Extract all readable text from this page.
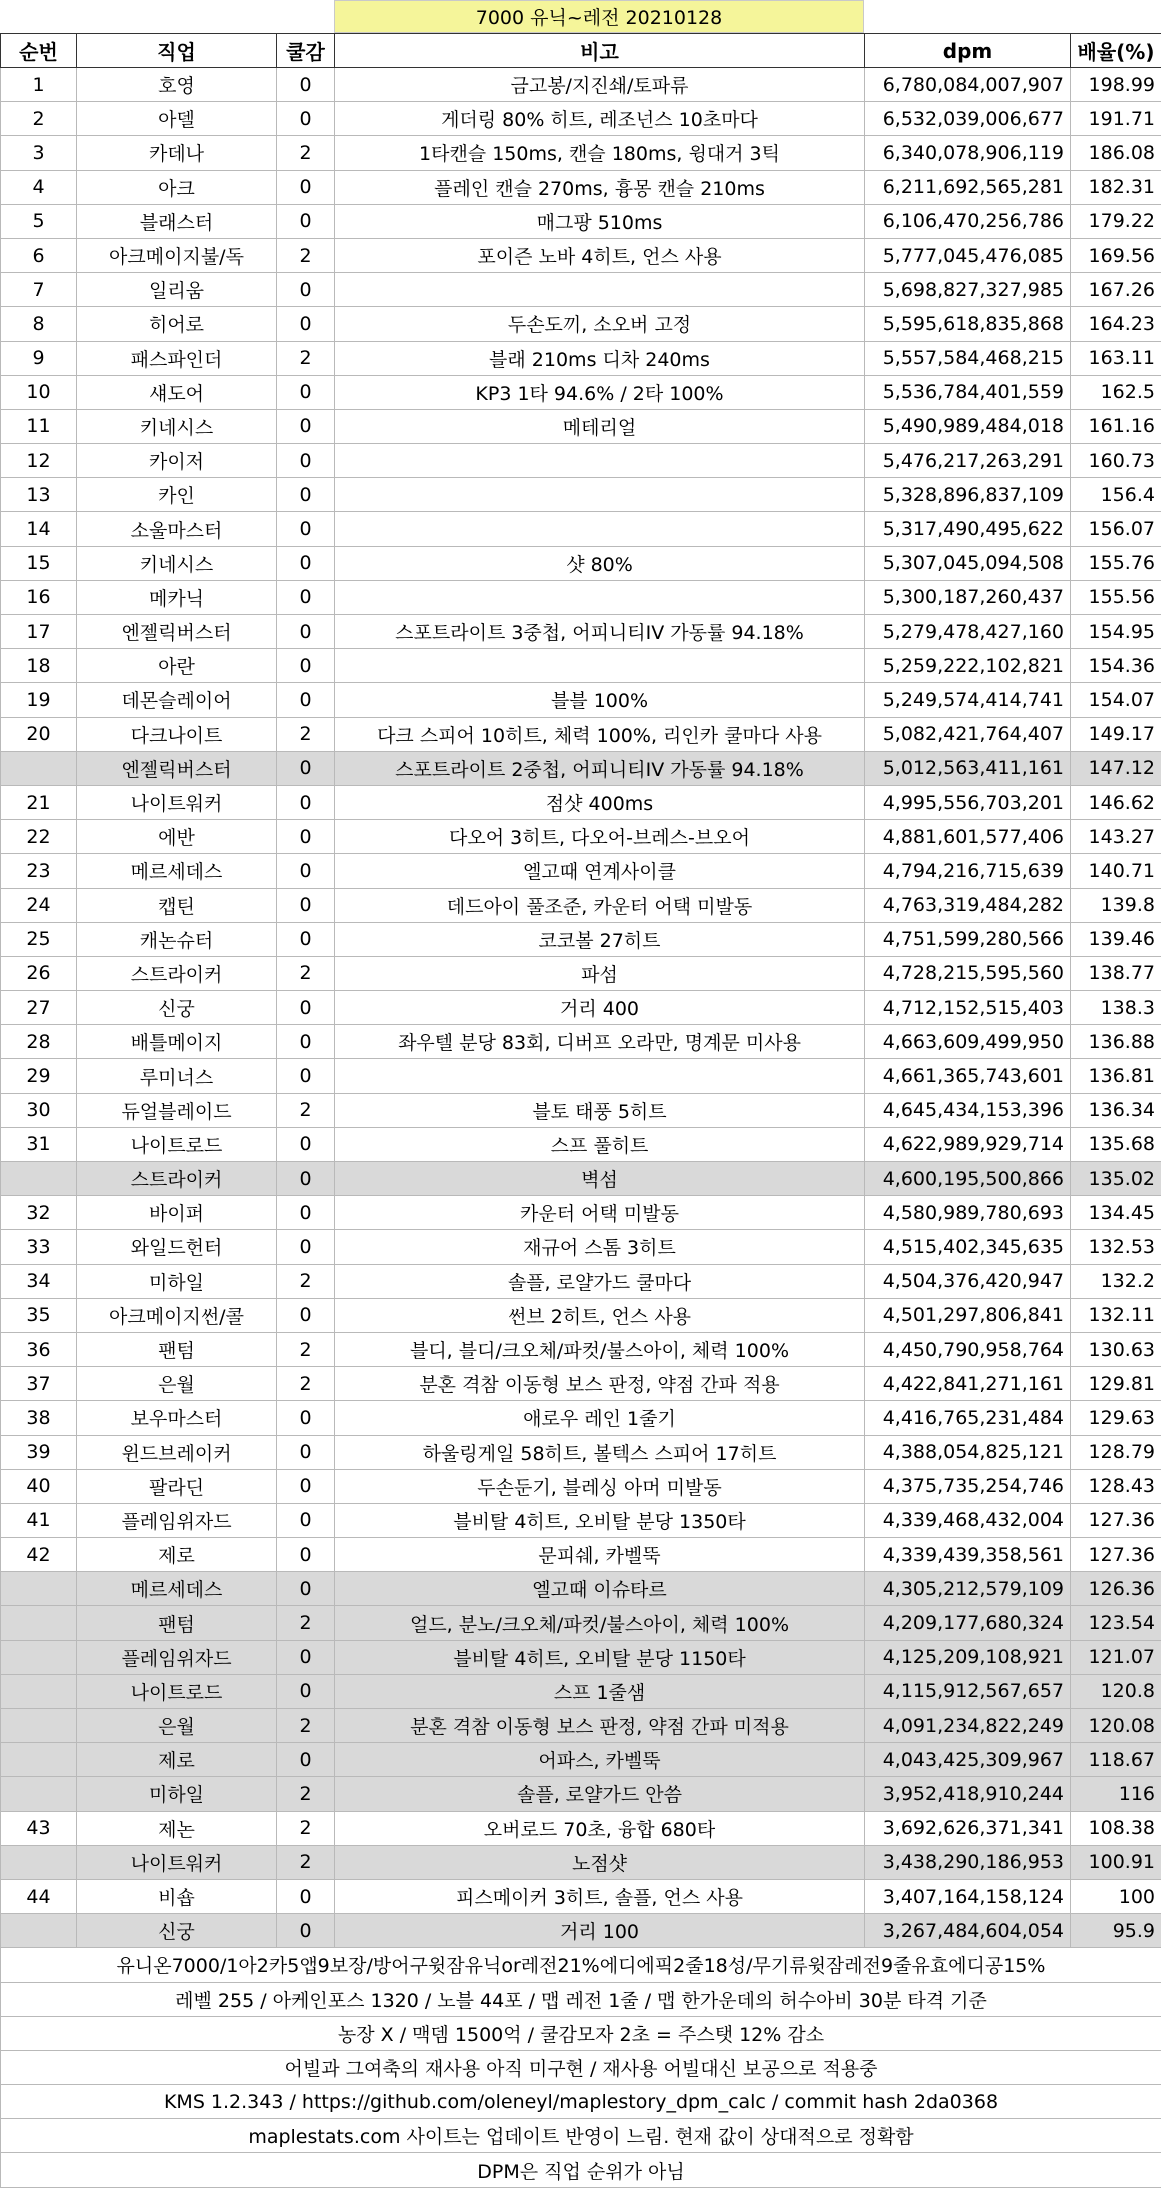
7000 유닉~레전 20210128
순번	직업	쿨감	비고	dpm	배율(%)
1	호영	0	금고봉/지진쇄/토파류	6,780,084,007,907	198.99
2	아델	0	게더링 80% 히트, 레조넌스 10초마다	6,532,039,006,677	191.71
3	카데나	2	1타캔슬 150ms, 캔슬 180ms, 윙대거 3틱	6,340,078,906,119	186.08
4	아크	0	플레인 캔슬 270ms, 흉몽 캔슬 210ms	6,211,692,565,281	182.31
5	블래스터	0	매그팡 510ms	6,106,470,256,786	179.22
6	아크메이지불/독	2	포이즌 노바 4히트, 언스 사용	5,777,045,476,085	169.56
7	일리움	0		5,698,827,327,985	167.26
8	히어로	0	두손도끼, 소오버 고정	5,595,618,835,868	164.23
9	패스파인더	2	블래 210ms 디차 240ms	5,557,584,468,215	163.11
10	섀도어	0	KP3 1타 94.6% / 2타 100%	5,536,784,401,559	162.5
11	키네시스	0	메테리얼	5,490,989,484,018	161.16
12	카이저	0		5,476,217,263,291	160.73
13	카인	0		5,328,896,837,109	156.4
14	소울마스터	0		5,317,490,495,622	156.07
15	키네시스	0	샷 80%	5,307,045,094,508	155.76
16	메카닉	0		5,300,187,260,437	155.56
17	엔젤릭버스터	0	스포트라이트 3중첩, 어피니티IV 가동률 94.18%	5,279,478,427,160	154.95
18	아란	0		5,259,222,102,821	154.36
19	데몬슬레이어	0	블블 100%	5,249,574,414,741	154.07
20	다크나이트	2	다크 스피어 10히트, 체력 100%, 리인카 쿨마다 사용	5,082,421,764,407	149.17
	엔젤릭버스터	0	스포트라이트 2중첩, 어피니티IV 가동률 94.18%	5,012,563,411,161	147.12
21	나이트워커	0	점샷 400ms	4,995,556,703,201	146.62
22	에반	0	다오어 3히트, 다오어-브레스-브오어	4,881,601,577,406	143.27
23	메르세데스	0	엘고때 연계사이클	4,794,216,715,639	140.71
24	캡틴	0	데드아이 풀조준, 카운터 어택 미발동	4,763,319,484,282	139.8
25	캐논슈터	0	코코볼 27히트	4,751,599,280,566	139.46
26	스트라이커	2	파섬	4,728,215,595,560	138.77
27	신궁	0	거리 400	4,712,152,515,403	138.3
28	배틀메이지	0	좌우텔 분당 83회, 디버프 오라만, 명계문 미사용	4,663,609,499,950	136.88
29	루미너스	0		4,661,365,743,601	136.81
30	듀얼블레이드	2	블토 태풍 5히트	4,645,434,153,396	136.34
31	나이트로드	0	스프 풀히트	4,622,989,929,714	135.68
	스트라이커	0	벽섬	4,600,195,500,866	135.02
32	바이퍼	0	카운터 어택 미발동	4,580,989,780,693	134.45
33	와일드헌터	0	재규어 스톰 3히트	4,515,402,345,635	132.53
34	미하일	2	솔플, 로얄가드 쿨마다	4,504,376,420,947	132.2
35	아크메이지썬/콜	0	썬브 2히트, 언스 사용	4,501,297,806,841	132.11
36	팬텀	2	블디, 블디/크오체/파컷/불스아이, 체력 100%	4,450,790,958,764	130.63
37	은월	2	분혼 격참 이동형 보스 판정, 약점 간파 적용	4,422,841,271,161	129.81
38	보우마스터	0	애로우 레인 1줄기	4,416,765,231,484	129.63
39	윈드브레이커	0	하울링게일 58히트, 볼텍스 스피어 17히트	4,388,054,825,121	128.79
40	팔라딘	0	두손둔기, 블레싱 아머 미발동	4,375,735,254,746	128.43
41	플레임위자드	0	블비탈 4히트, 오비탈 분당 1350타	4,339,468,432,004	127.36
42	제로	0	문피쉐, 카벨뚝	4,339,439,358,561	127.36
	메르세데스	0	엘고때 이슈타르	4,305,212,579,109	126.36
	팬텀	2	얼드, 분노/크오체/파컷/불스아이, 체력 100%	4,209,177,680,324	123.54
	플레임위자드	0	블비탈 4히트, 오비탈 분당 1150타	4,125,209,108,921	121.07
	나이트로드	0	스프 1줄샘	4,115,912,567,657	120.8
	은월	2	분혼 격참 이동형 보스 판정, 약점 간파 미적용	4,091,234,822,249	120.08
	제로	0	어파스, 카벨뚝	4,043,425,309,967	118.67
	미하일	2	솔플, 로얄가드 안씀	3,952,418,910,244	116
43	제논	2	오버로드 70초, 융합 680타	3,692,626,371,341	108.38
	나이트워커	2	노점샷	3,438,290,186,953	100.91
44	비숍	0	피스메이커 3히트, 솔플, 언스 사용	3,407,164,158,124	100
	신궁	0	거리 100	3,267,484,604,054	95.9
유니온7000/1아2카5앱9보장/방어구윗잠유닉or레전21%에디에픽2줄18성/무기류윗잠레전9줄유효에디공15%					
레벨 255 / 아케인포스 1320 / 노블 44포 / 맵 레전 1줄 / 맵 한가운데의 허수아비 30분 타격 기준					
농장 X / 맥뎀 1500억 / 쿨감모자 2초 = 주스탯 12% 감소					
어빌과 그여축의 재사용 아직 미구현 / 재사용 어빌대신 보공으로 적용중					
KMS 1.2.343 / https://github.com/oleneyl/maplestory_dpm_calc / commit hash 2da0368					
maplestats.com 사이트는 업데이트 반영이 느림. 현재 값이 상대적으로 정확함					
DPM은 직업 순위가 아님					
